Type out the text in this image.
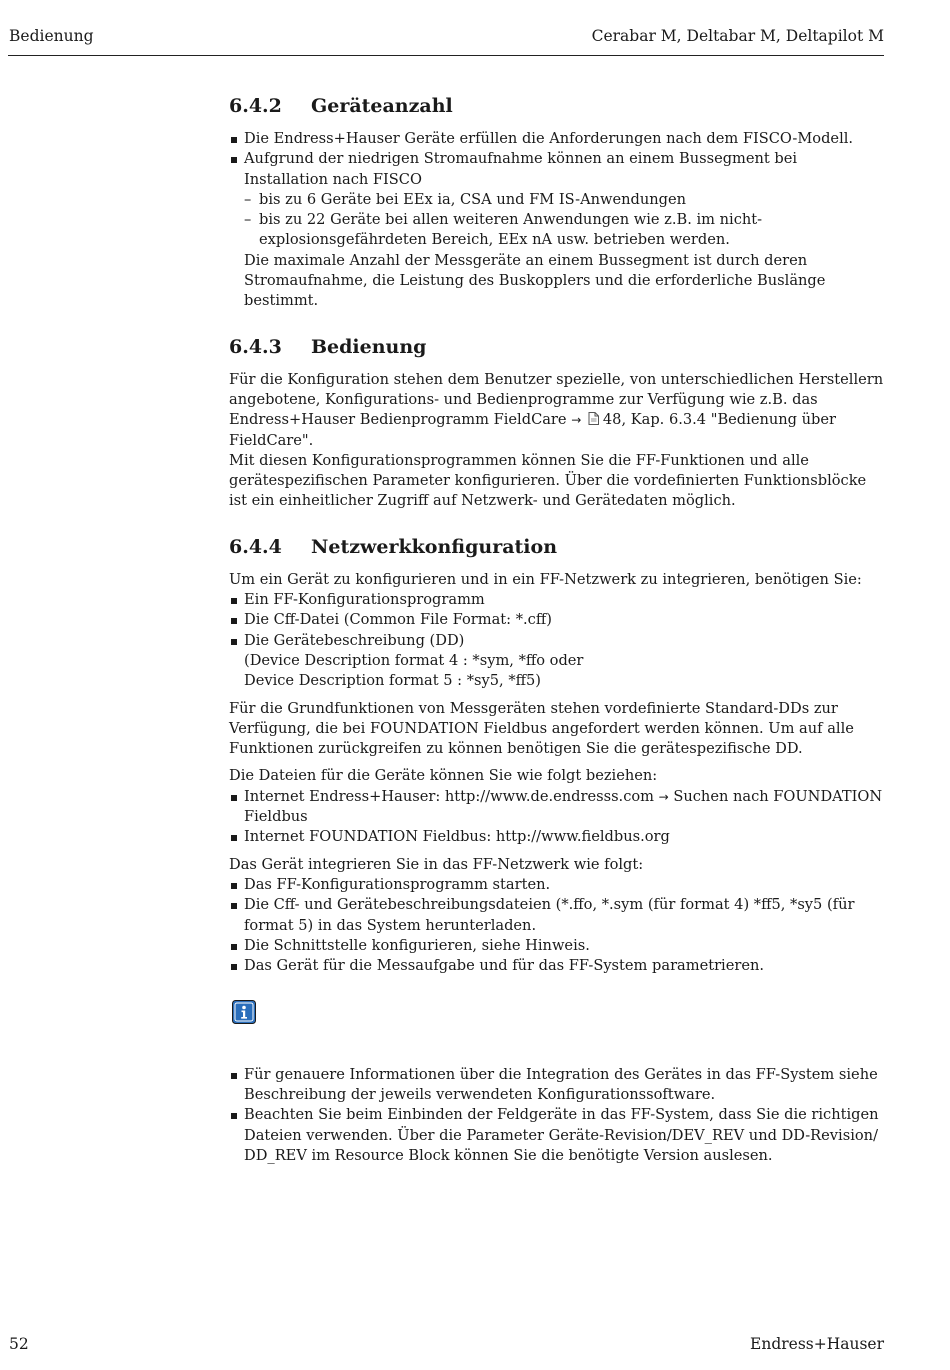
Bedienung	Cerabar M, Deltabar M, Deltapilot M
6.4.2	Geräteanzahl
Die Endress+Hauser Geräte erfüllen die Anforderungen nach dem FISCO-Modell.
Aufgrund der niedrigen Stromaufnahme können an einem Bussegment bei Installation nach FISCO
– bis zu 6 Geräte bei EEx ia, CSA und FM IS-Anwendungen
– bis zu 22 Geräte bei allen weiteren Anwendungen wie z.B. im nicht-explosionsgefährdeten Bereich, EEx nA usw. betrieben werden.
Die maximale Anzahl der Messgeräte an einem Bussegment ist durch deren Stromaufnahme, die Leistung des Buskopplers und die erforderliche Buslänge bestimmt.
6.4.3	Bedienung

Für die Konfiguration stehen dem Benutzer spezielle, von unterschiedlichen Herstellern angebotene, Konfigurations- und Bedienprogramme zur Verfügung wie z.B. das Endress+Hauser Bedienprogramm FieldCare → 48, Kap. 6.3.4 "Bedienung über FieldCare".

Mit diesen Konfigurationsprogrammen können Sie die FF-Funktionen und alle gerätespezifischen Parameter konfigurieren. Über die vordefinierten Funktionsblöcke ist ein einheitlicher Zugriff auf Netzwerk- und Gerätedaten möglich.

6.4.4	Netzwerkkonfiguration

Um ein Gerät zu konfigurieren und in ein FF-Netzwerk zu integrieren, benötigen Sie:

Ein FF-Konfigurationsprogramm
Die Cff-Datei (Common File Format: *.cff)
Die Gerätebeschreibung (DD)
(Device Description format 4 : *sym, *ffo oder
Device Description format 5 : *sy5, *ff5)

Für die Grundfunktionen von Messgeräten stehen vordefinierte Standard-DDs zur Verfügung, die bei FOUNDATION Fieldbus angefordert werden können. Um auf alle Funktionen zurückgreifen zu können benötigen Sie die gerätespezifische DD.

Die Dateien für die Geräte können Sie wie folgt beziehen:

Internet Endress+Hauser: http://www.de.endresss.com → Suchen nach FOUNDATION Fieldbus
Internet FOUNDATION Fieldbus: http://www.fieldbus.org

Das Gerät integrieren Sie in das FF-Netzwerk wie folgt:

Das FF-Konfigurationsprogramm starten.
Die Cff- und Gerätebeschreibungsdateien (*.ffo, *.sym (für format 4) *ff5, *sy5 (für format 5) in das System herunterladen.
Die Schnittstelle konfigurieren, siehe Hinweis.
Das Gerät für die Messaufgabe und für das FF-System parametrieren.
Für genauere Informationen über die Integration des Gerätes in das FF-System siehe Beschreibung der jeweils verwendeten Konfigurationssoftware.
Beachten Sie beim Einbinden der Feldgeräte in das FF-System, dass Sie die richtigen Dateien verwenden. Über die Parameter Geräte-Revision/DEV_REV und DD-Revision/ DD_REV im Resource Block können Sie die benötigte Version auslesen.
52	Endress+Hauser
